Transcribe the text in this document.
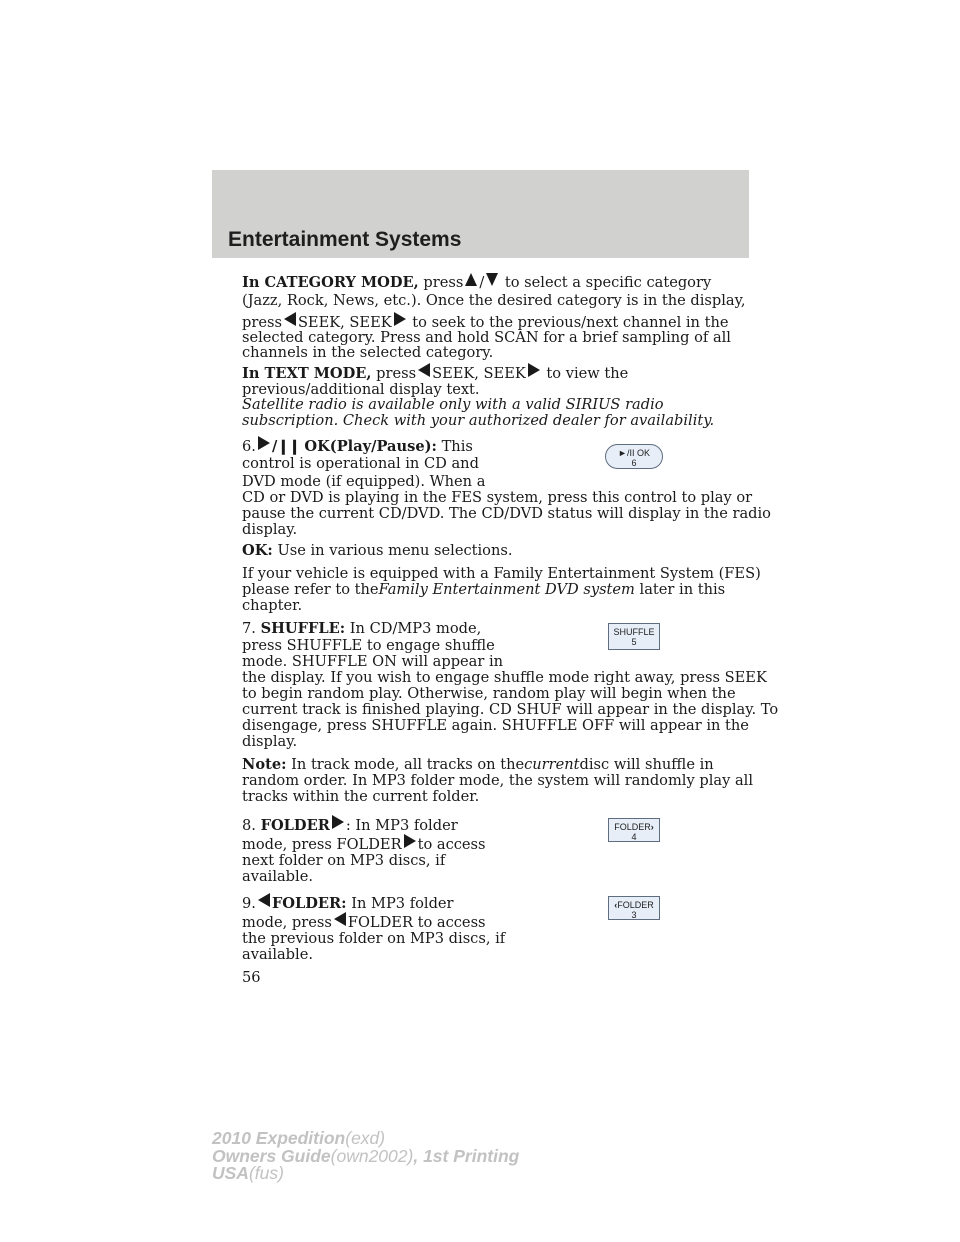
Entertainment Systems
In CATEGORY MODE, press / to select a specific category
(Jazz, Rock, News, etc.). Once the desired category is in the display,
press SEEK, SEEK to seek to the previous/next channel in the
selected category. Press and hold SCAN for a brief sampling of all
channels in the selected category.
In TEXT MODE, press SEEK, SEEK to view the
previous/additional display text.
Satellite radio is available only with a valid SIRIUS radio
subscription. Check with your authorized dealer for availability.
6. /❙❙ OK(Play/Pause): This
control is operational in CD and
DVD mode (if equipped). When a
CD or DVD is playing in the FES system, press this control to play or
pause the current CD/DVD. The CD/DVD status will display in the radio
display.
►/II OK
6
OK: Use in various menu selections.
If your vehicle is equipped with a Family Entertainment System (FES)
please refer to theFamily Entertainment DVD system later in this
chapter.
7. SHUFFLE: In CD/MP3 mode,
press SHUFFLE to engage shuffle
mode. SHUFFLE ON will appear in
the display. If you wish to engage shuffle mode right away, press SEEK
to begin random play. Otherwise, random play will begin when the
current track is finished playing. CD SHUF will appear in the display. To
disengage, press SHUFFLE again. SHUFFLE OFF will appear in the
display.
SHUFFLE
5
Note: In track mode, all tracks on thecurrentdisc will shuffle in
random order. In MP3 folder mode, the system will randomly play all
tracks within the current folder.
8. FOLDER : In MP3 folder
mode, press FOLDER to access
next folder on MP3 discs, if
available.
FOLDER›
4
9. FOLDER: In MP3 folder
mode, press FOLDER to access
the previous folder on MP3 discs, if
available.
‹FOLDER
3
56
2010 Expedition(exd)
Owners Guide(own2002), 1st Printing
USA(fus)
